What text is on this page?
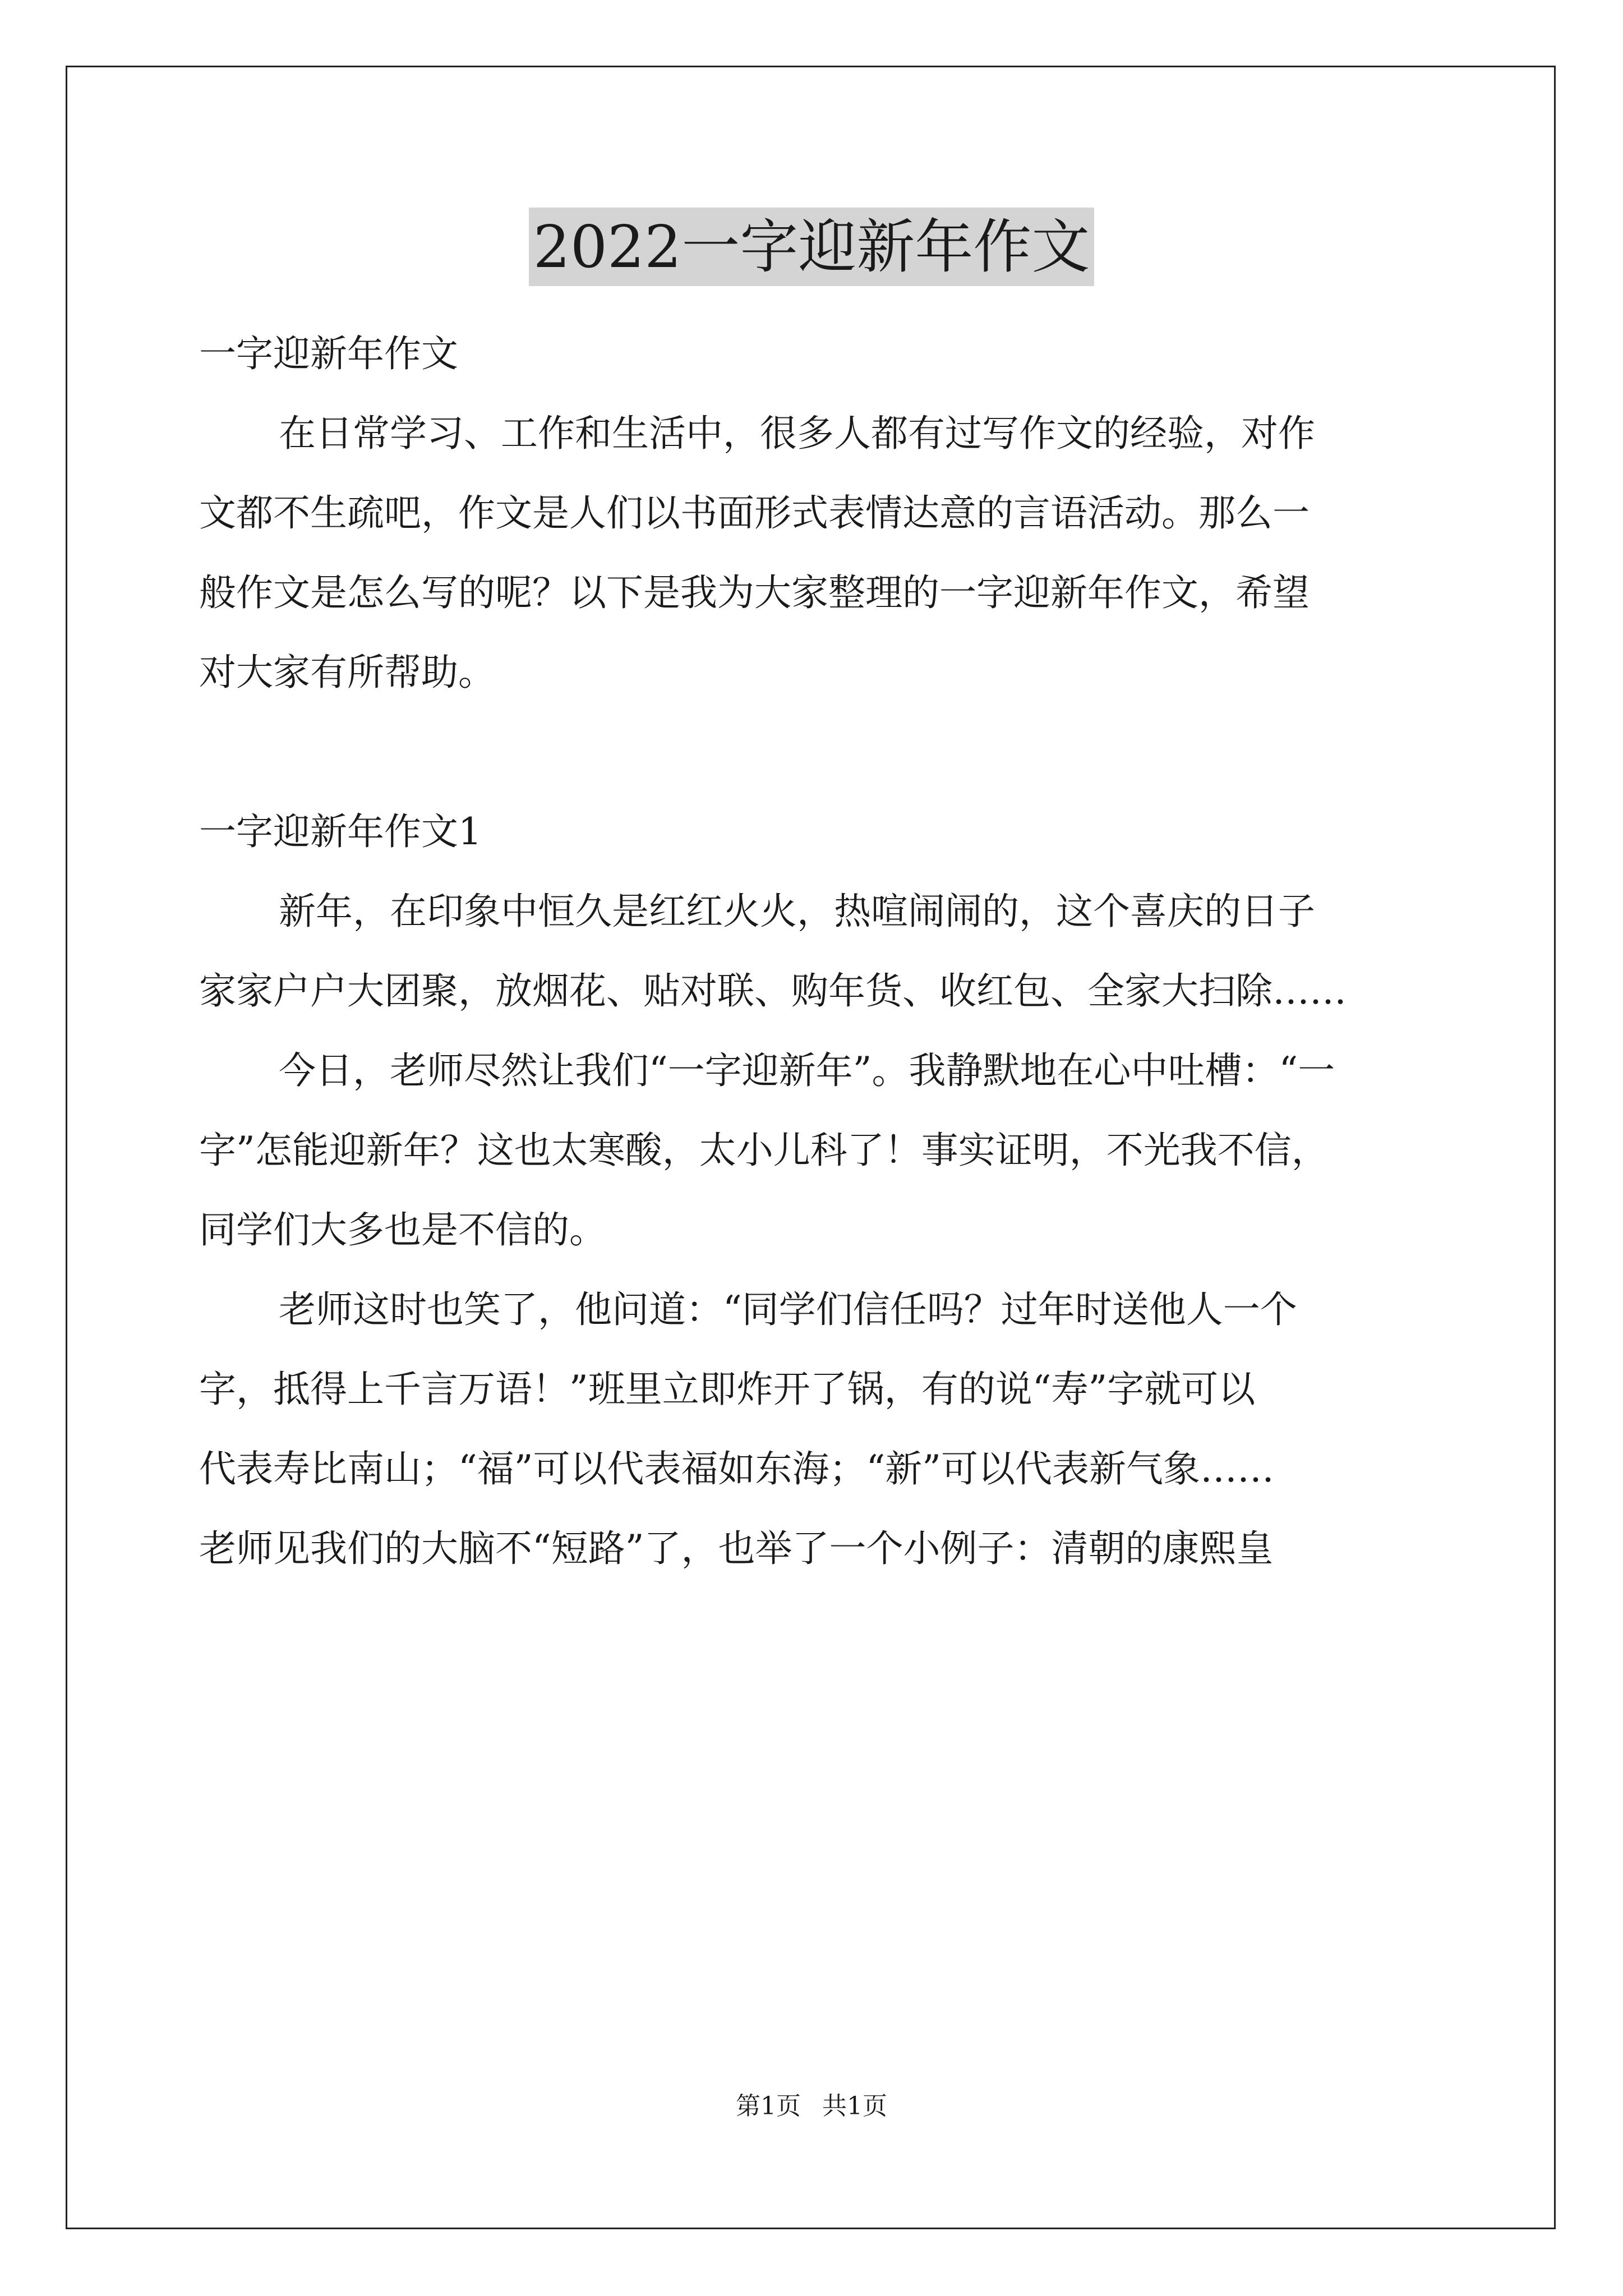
2022一字迎新年作文
一字迎新年作文
在日常学习、工作和生活中，很多人都有过写作文的经验，对作
文都不生疏吧，作文是人们以书面形式表情达意的言语活动。那么一
般作文是怎么写的呢？以下是我为大家整理的一字迎新年作文，希望
对大家有所帮助。
一字迎新年作文1
新年，在印象中恒久是红红火火，热喧闹闹的，这个喜庆的日子
家家户户大团聚，放烟花、贴对联、购年货、收红包、全家大扫除……
今日，老师尽然让我们“一字迎新年”。我静默地在心中吐槽：“一
字”怎能迎新年？这也太寒酸，太小儿科了！事实证明，不光我不信，
同学们大多也是不信的。
老师这时也笑了，他问道：“同学们信任吗？过年时送他人一个
字，抵得上千言万语！”班里立即炸开了锅，有的说“寿”字就可以
代表寿比南山；“福”可以代表福如东海；“新”可以代表新气象……
老师见我们的大脑不“短路”了，也举了一个小例子：清朝的康熙皇
第1页 共1页
